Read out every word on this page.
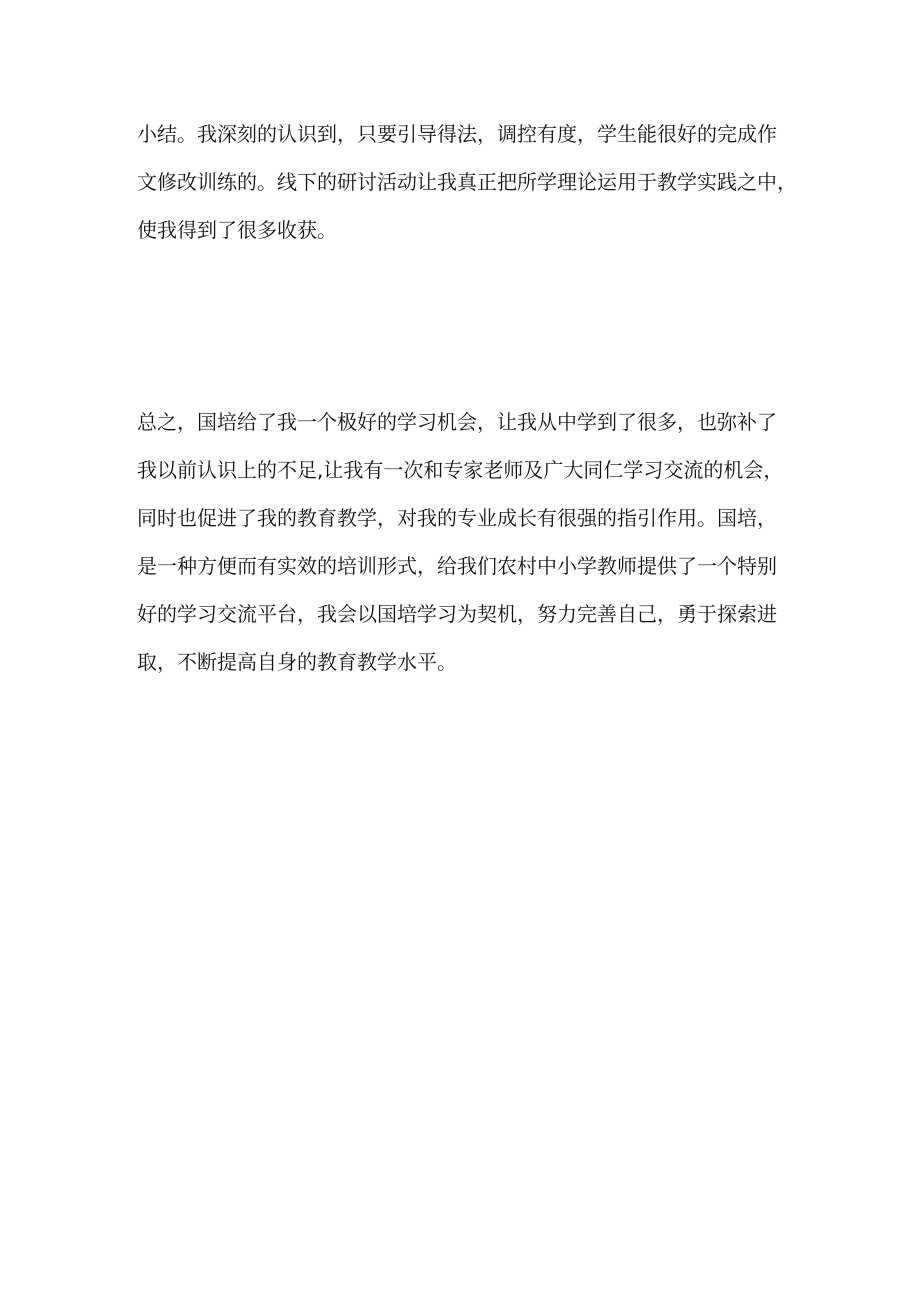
小结。我深刻的认识到，只要引导得法，调控有度，学生能很好的完成作
文修改训练的。线下的研讨活动让我真正把所学理论运用于教学实践之中，
使我得到了很多收获。
总之，国培给了我一个极好的学习机会，让我从中学到了很多，也弥补了
我以前认识上的不足,让我有一次和专家老师及广大同仁学习交流的机会，
同时也促进了我的教育教学，对我的专业成长有很强的指引作用。国培，
是一种方便而有实效的培训形式，给我们农村中小学教师提供了一个特别
好的学习交流平台，我会以国培学习为契机，努力完善自己，勇于探索进
取，不断提高自身的教育教学水平。
